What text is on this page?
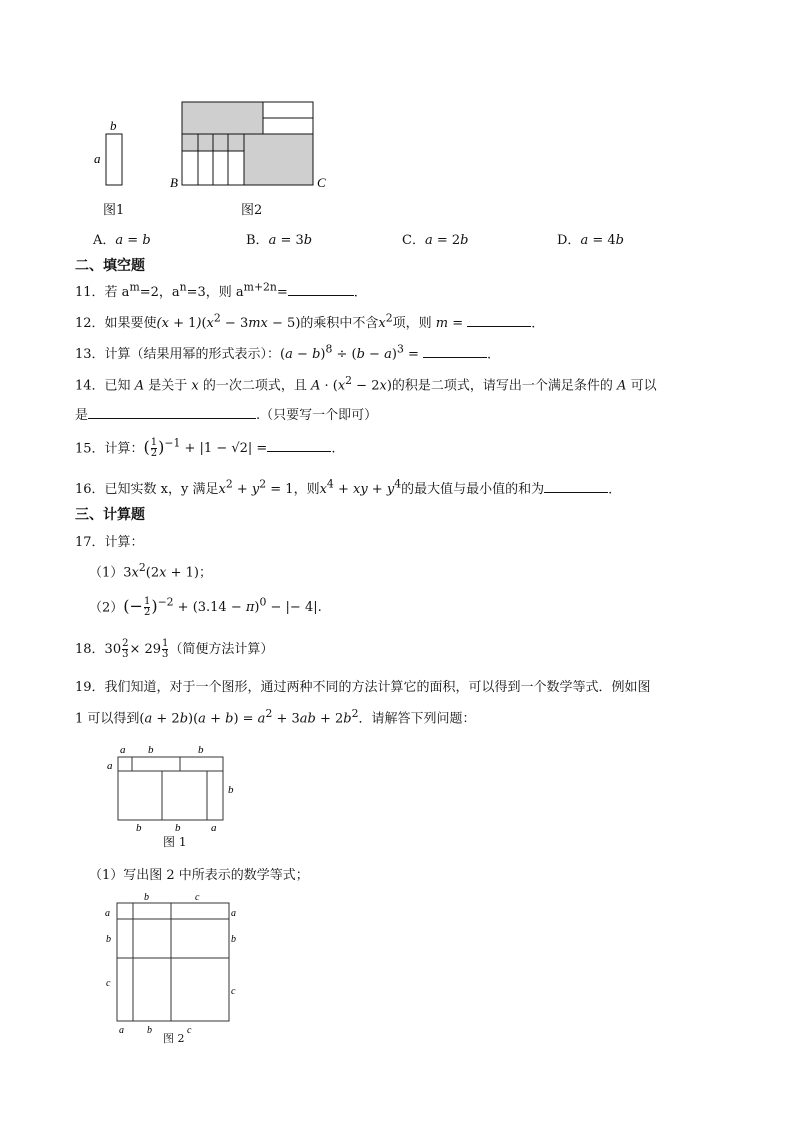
b
a
图1
B	C
图2
A．a = b	B．a = 3b	C．a = 2b	D．a = 4b
二、填空题
11．若 $a^m=2$，$a^n=3$，则 $a^{m+2n}=$	.
12．如果要使$(x + 1)(x^2 - 3mx - 5)$的乘积中不含$x^2$项，则 m =	.
13．计算（结果用幂的形式表示）：$(a - b)^8 \div (b - a)^3$ =	.
14．已知 A 是关于 x 的一次二项式，且 $A \cdot (x^2 - 2x)$的积是二项式，请写出一个满足条件的 A 可以
是	.（只要写一个即可）
15．计算：( $\frac{1}{2} )^{-1} + |1 - √2|$ =	.
16．已知实数 x，y 满足$x^2 + y^2 = 1$，则$x^4$ + xy + $y^4$的最大值与最小值的和为	.
三、计算题
17．计算：
$(1)3x^2(2x + 1)$；
$(2)(- \frac{1}{2} )^{-2} + (3.14 - \pi)^0$ − |− 4|.
18．$30 \frac{2}{3} \times 29 \frac{1}{3}$ （简便方法计算）
19．我们知道，对于一个图形，通过两种不同的方法计算它的面积，可以得到一个数学等式．例如图
1 可以得到$(a + 2b)(a + b) = a^2 + 3ab + 2b^2$．请解答下列问题：
a b	b
a
b
b	b	a
图 1
（1）写出图 2 中所表示的数学等式；
b	c
a
b
c
a
b
c
a b	c
图 2
